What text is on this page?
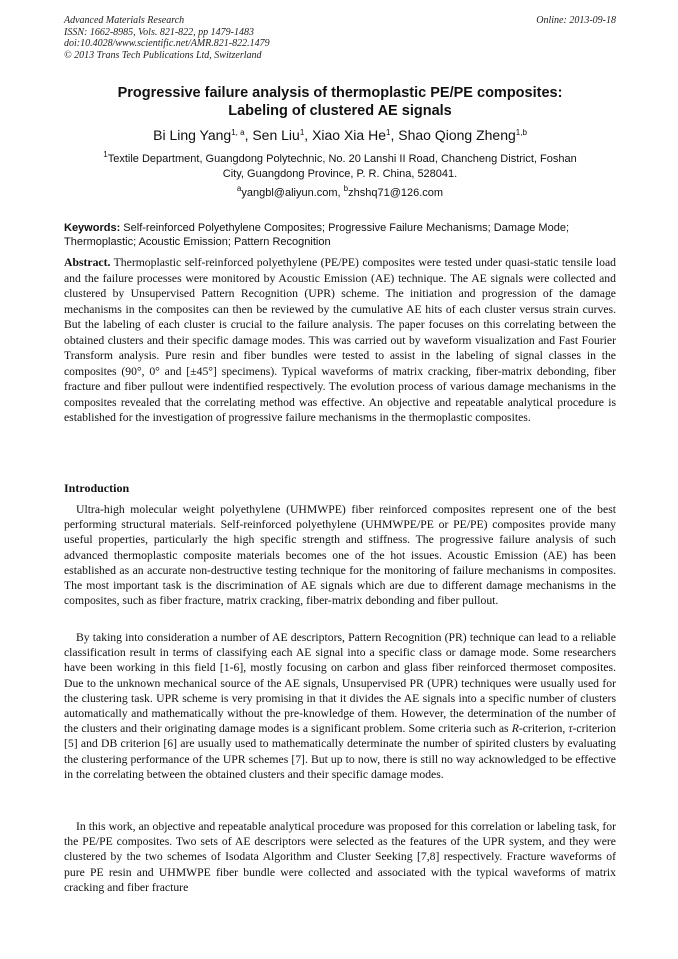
Advanced Materials Research
ISSN: 1662-8985, Vols. 821-822, pp 1479-1483
doi:10.4028/www.scientific.net/AMR.821-822.1479
© 2013 Trans Tech Publications Ltd, Switzerland
Online: 2013-09-18
Progressive failure analysis of thermoplastic PE/PE composites:
Labeling of clustered AE signals
Bi Ling Yang$^{1, a}$, Sen Liu$^1$, Xiao Xia He$^1$, Shao Qiong Zheng$^{1,b}$
$^1$Textile Department, Guangdong Polytechnic, No. 20 Lanshi II Road, Chancheng District, Foshan
City, Guangdong Province, P. R. China, 528041.
$^a$yangbl@aliyun.com, $^b$zhshq71@126.com
Keywords: Self-reinforced Polyethylene Composites; Progressive Failure Mechanisms; Damage Mode; Thermoplastic; Acoustic Emission; Pattern Recognition
Abstract. Thermoplastic self-reinforced polyethylene (PE/PE) composites were tested under quasi-static tensile load and the failure processes were monitored by Acoustic Emission (AE) technique. The AE signals were collected and clustered by Unsupervised Pattern Recognition (UPR) scheme. The initiation and progression of the damage mechanisms in the composites can then be reviewed by the cumulative AE hits of each cluster versus strain curves. But the labeling of each cluster is crucial to the failure analysis. The paper focuses on this correlating between the obtained clusters and their specific damage modes. This was carried out by waveform visualization and Fast Fourier Transform analysis. Pure resin and fiber bundles were tested to assist in the labeling of signal classes in the composites (90°, 0° and [±45°] specimens). Typical waveforms of matrix cracking, fiber-matrix debonding, fiber fracture and fiber pullout were indentified respectively. The evolution process of various damage mechanisms in the composites revealed that the correlating method was effective. An objective and repeatable analytical procedure is established for the investigation of progressive failure mechanisms in the thermoplastic composites.
Introduction
Ultra-high molecular weight polyethylene (UHMWPE) fiber reinforced composites represent one of the best performing structural materials. Self-reinforced polyethylene (UHMWPE/PE or PE/PE) composites provide many useful properties, particularly the high specific strength and stiffness. The progressive failure analysis of such advanced thermoplastic composite materials becomes one of the hot issues. Acoustic Emission (AE) has been established as an accurate non-destructive testing technique for the monitoring of failure mechanisms in composites. The most important task is the discrimination of AE signals which are due to different damage mechanisms in the composites, such as fiber fracture, matrix cracking, fiber-matrix debonding and fiber pullout.
By taking into consideration a number of AE descriptors, Pattern Recognition (PR) technique can lead to a reliable classification result in terms of classifying each AE signal into a specific class or damage mode. Some researchers have been working in this field [1-6], mostly focusing on carbon and glass fiber reinforced thermoset composites. Due to the unknown mechanical source of the AE signals, Unsupervised PR (UPR) techniques were usually used for the clustering task. UPR scheme is very promising in that it divides the AE signals into a specific number of clusters automatically and mathematically without the pre-knowledge of them. However, the determination of the number of the clusters and their originating damage modes is a significant problem. Some criteria such as R-criterion, τ-criterion [5] and DB criterion [6] are usually used to mathematically determinate the number of spirited clusters by evaluating the clustering performance of the UPR schemes [7]. But up to now, there is still no way acknowledged to be effective in the correlating between the obtained clusters and their specific damage modes.
In this work, an objective and repeatable analytical procedure was proposed for this correlation or labeling task, for the PE/PE composites. Two sets of AE descriptors were selected as the features of the UPR system, and they were clustered by the two schemes of Isodata Algorithm and Cluster Seeking [7,8] respectively. Fracture waveforms of pure PE resin and UHMWPE fiber bundle were collected and associated with the typical waveforms of matrix cracking and fiber fracture
